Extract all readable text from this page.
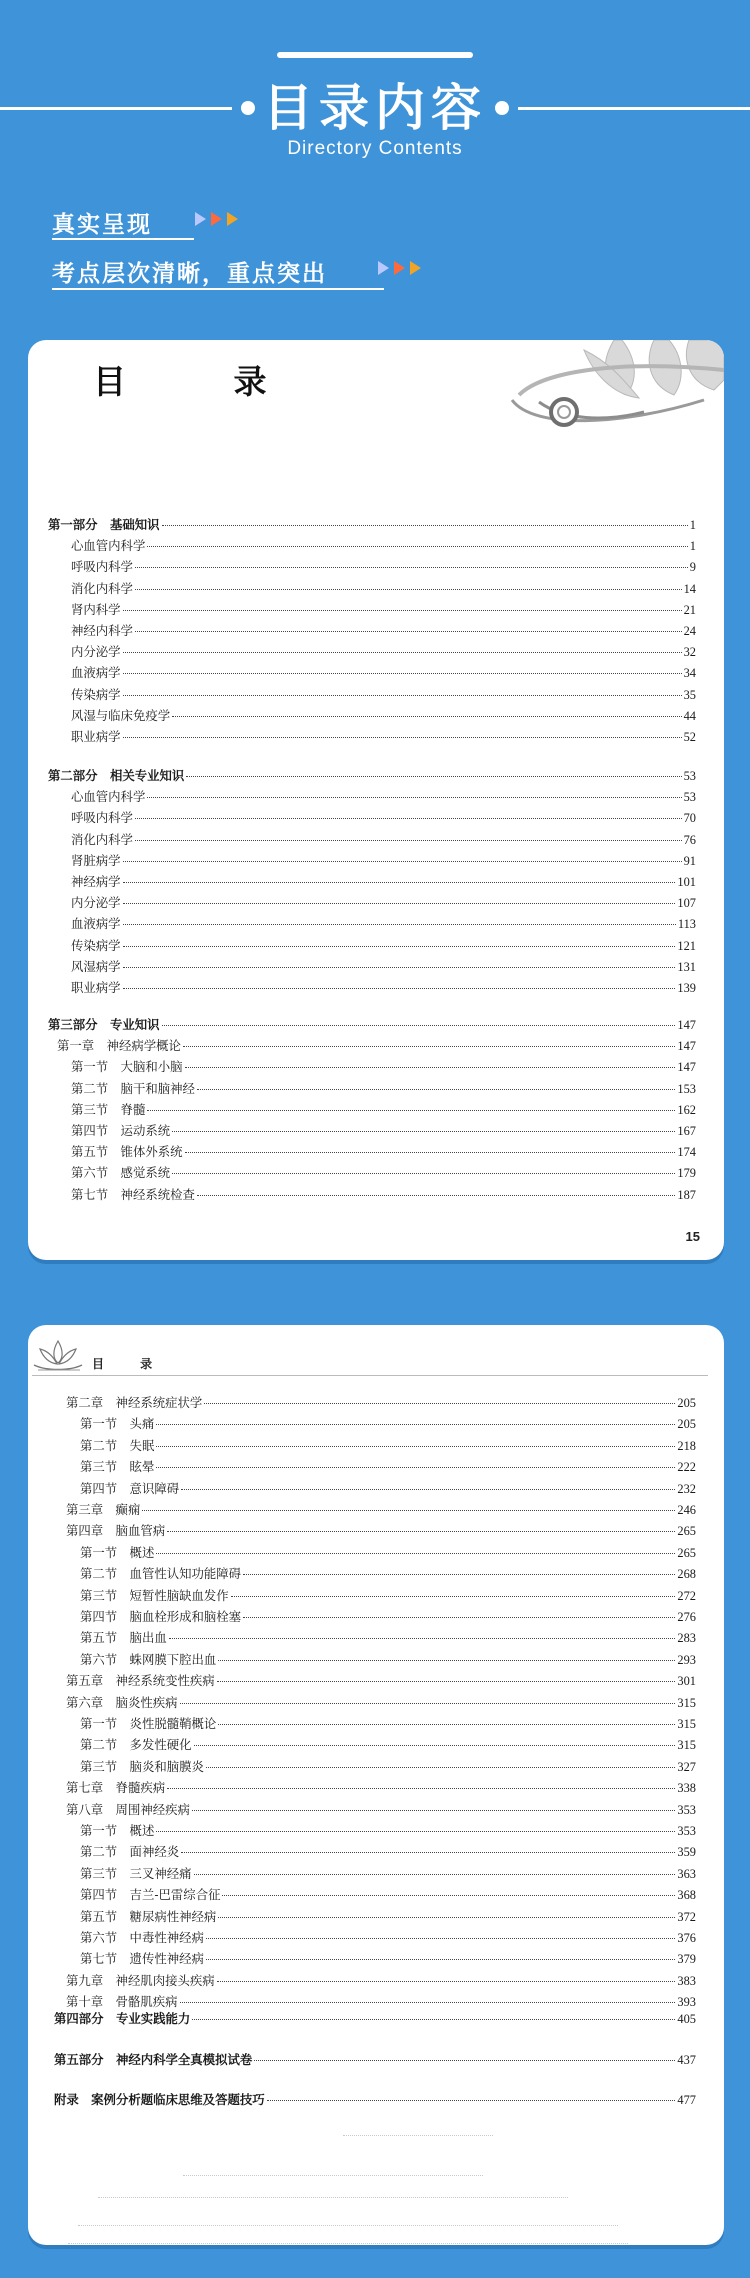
目录内容
Directory Contents
真实呈现
考点层次清晰，重点突出
目 录
第一部分　基础知识	1
心血管内科学	1
呼吸内科学	9
消化内科学	14
肾内科学	21
神经内科学	24
内分泌学	32
血液病学	34
传染病学	35
风湿与临床免疫学	44
职业病学	52
第二部分　相关专业知识	53
心血管内科学	53
呼吸内科学	70
消化内科学	76
肾脏病学	91
神经病学	101
内分泌学	107
血液病学	113
传染病学	121
风湿病学	131
职业病学	139
第三部分　专业知识	147
第一章　神经病学概论	147
第一节　大脑和小脑	147
第二节　脑干和脑神经	153
第三节　脊髓	162
第四节　运动系统	167
第五节　锥体外系统	174
第六节　感觉系统	179
第七节　神经系统检查	187
15
目 录
第二章　神经系统症状学	205
第一节　头痛	205
第二节　失眠	218
第三节　眩晕	222
第四节　意识障碍	232
第三章　癫痫	246
第四章　脑血管病	265
第一节　概述	265
第二节　血管性认知功能障碍	268
第三节　短暂性脑缺血发作	272
第四节　脑血栓形成和脑栓塞	276
第五节　脑出血	283
第六节　蛛网膜下腔出血	293
第五章　神经系统变性疾病	301
第六章　脑炎性疾病	315
第一节　炎性脱髓鞘概论	315
第二节　多发性硬化	315
第三节　脑炎和脑膜炎	327
第七章　脊髓疾病	338
第八章　周围神经疾病	353
第一节　概述	353
第二节　面神经炎	359
第三节　三叉神经痛	363
第四节　吉兰-巴雷综合征	368
第五节　糖尿病性神经病	372
第六节　中毒性神经病	376
第七节　遗传性神经病	379
第九章　神经肌肉接头疾病	383
第十章　骨骼肌疾病	393
第四部分　专业实践能力	405
第五部分　神经内科学全真模拟试卷	437
附录　案例分析题临床思维及答题技巧	477
